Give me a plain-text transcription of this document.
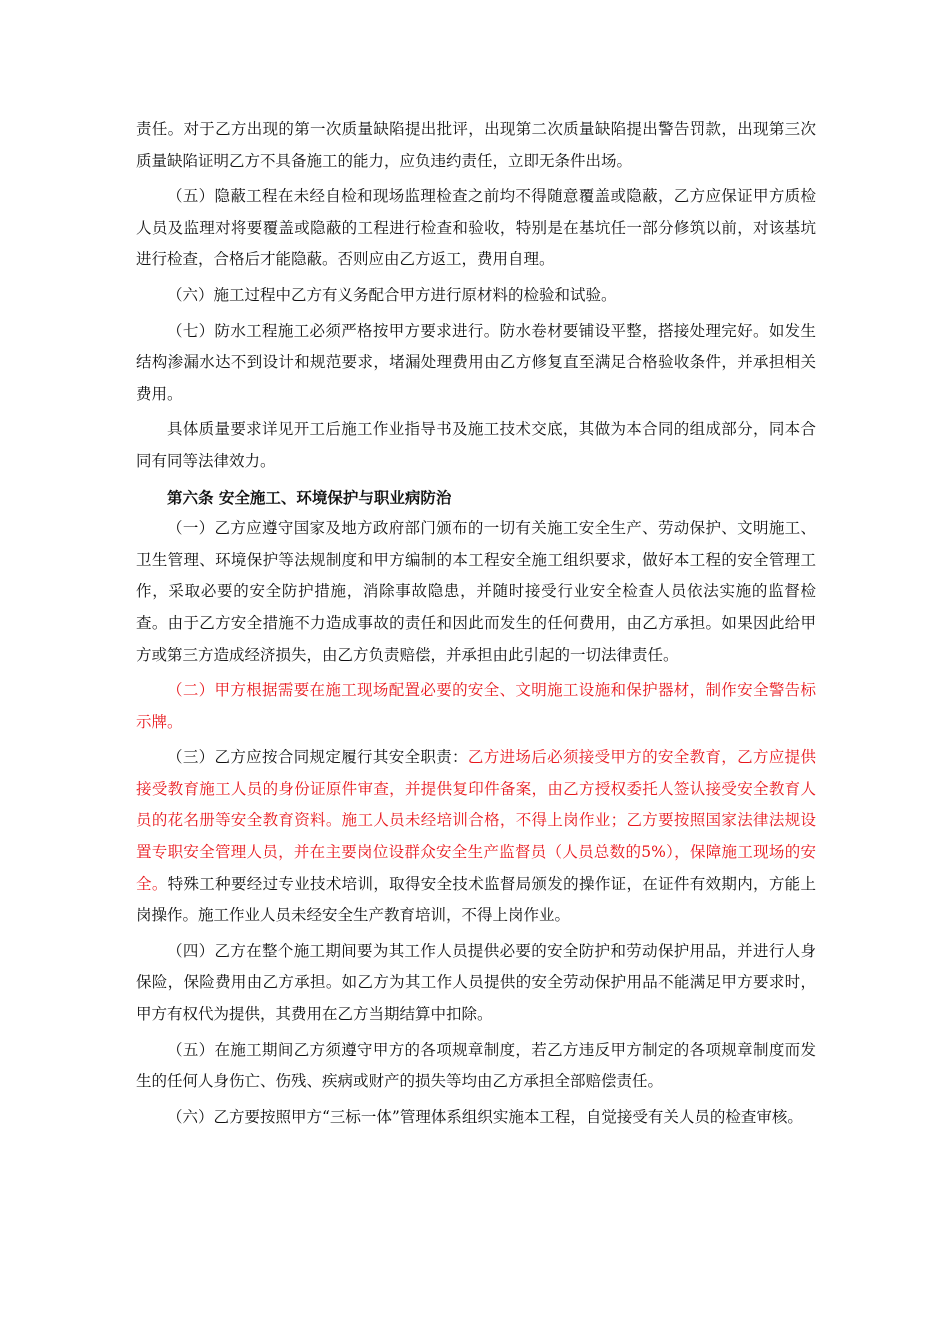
责任。对于乙方出现的第一次质量缺陷提出批评，出现第二次质量缺陷提出警告罚款，出现第三次质量缺陷证明乙方不具备施工的能力，应负违约责任，立即无条件出场。

（五）隐蔽工程在未经自检和现场监理检查之前均不得随意覆盖或隐蔽，乙方应保证甲方质检人员及监理对将要覆盖或隐蔽的工程进行检查和验收，特别是在基坑任一部分修筑以前，对该基坑进行检查，合格后才能隐蔽。否则应由乙方返工，费用自理。

（六）施工过程中乙方有义务配合甲方进行原材料的检验和试验。

（七）防水工程施工必须严格按甲方要求进行。防水卷材要铺设平整，搭接处理完好。如发生结构渗漏水达不到设计和规范要求，堵漏处理费用由乙方修复直至满足合格验收条件，并承担相关费用。

具体质量要求详见开工后施工作业指导书及施工技术交底，其做为本合同的组成部分，同本合同有同等法律效力。

第六条 安全施工、环境保护与职业病防治

（一）乙方应遵守国家及地方政府部门颁布的一切有关施工安全生产、劳动保护、文明施工、卫生管理、环境保护等法规制度和甲方编制的本工程安全施工组织要求，做好本工程的安全管理工作，采取必要的安全防护措施，消除事故隐患，并随时接受行业安全检查人员依法实施的监督检查。由于乙方安全措施不力造成事故的责任和因此而发生的任何费用，由乙方承担。如果因此给甲方或第三方造成经济损失，由乙方负责赔偿，并承担由此引起的一切法律责任。

（二）甲方根据需要在施工现场配置必要的安全、文明施工设施和保护器材，制作安全警告标示牌。

（三）乙方应按合同规定履行其安全职责：乙方进场后必须接受甲方的安全教育，乙方应提供接受教育施工人员的身份证原件审查，并提供复印件备案，由乙方授权委托人签认接受安全教育人员的花名册等安全教育资料。施工人员未经培训合格，不得上岗作业；乙方要按照国家法律法规设置专职安全管理人员，并在主要岗位设群众安全生产监督员（人员总数的5%），保障施工现场的安全。特殊工种要经过专业技术培训，取得安全技术监督局颁发的操作证，在证件有效期内，方能上岗操作。施工作业人员未经安全生产教育培训，不得上岗作业。

（四）乙方在整个施工期间要为其工作人员提供必要的安全防护和劳动保护用品，并进行人身保险，保险费用由乙方承担。如乙方为其工作人员提供的安全劳动保护用品不能满足甲方要求时，甲方有权代为提供，其费用在乙方当期结算中扣除。

（五）在施工期间乙方须遵守甲方的各项规章制度，若乙方违反甲方制定的各项规章制度而发生的任何人身伤亡、伤残、疾病或财产的损失等均由乙方承担全部赔偿责任。

（六）乙方要按照甲方“三标一体”管理体系组织实施本工程，自觉接受有关人员的检查审核。
